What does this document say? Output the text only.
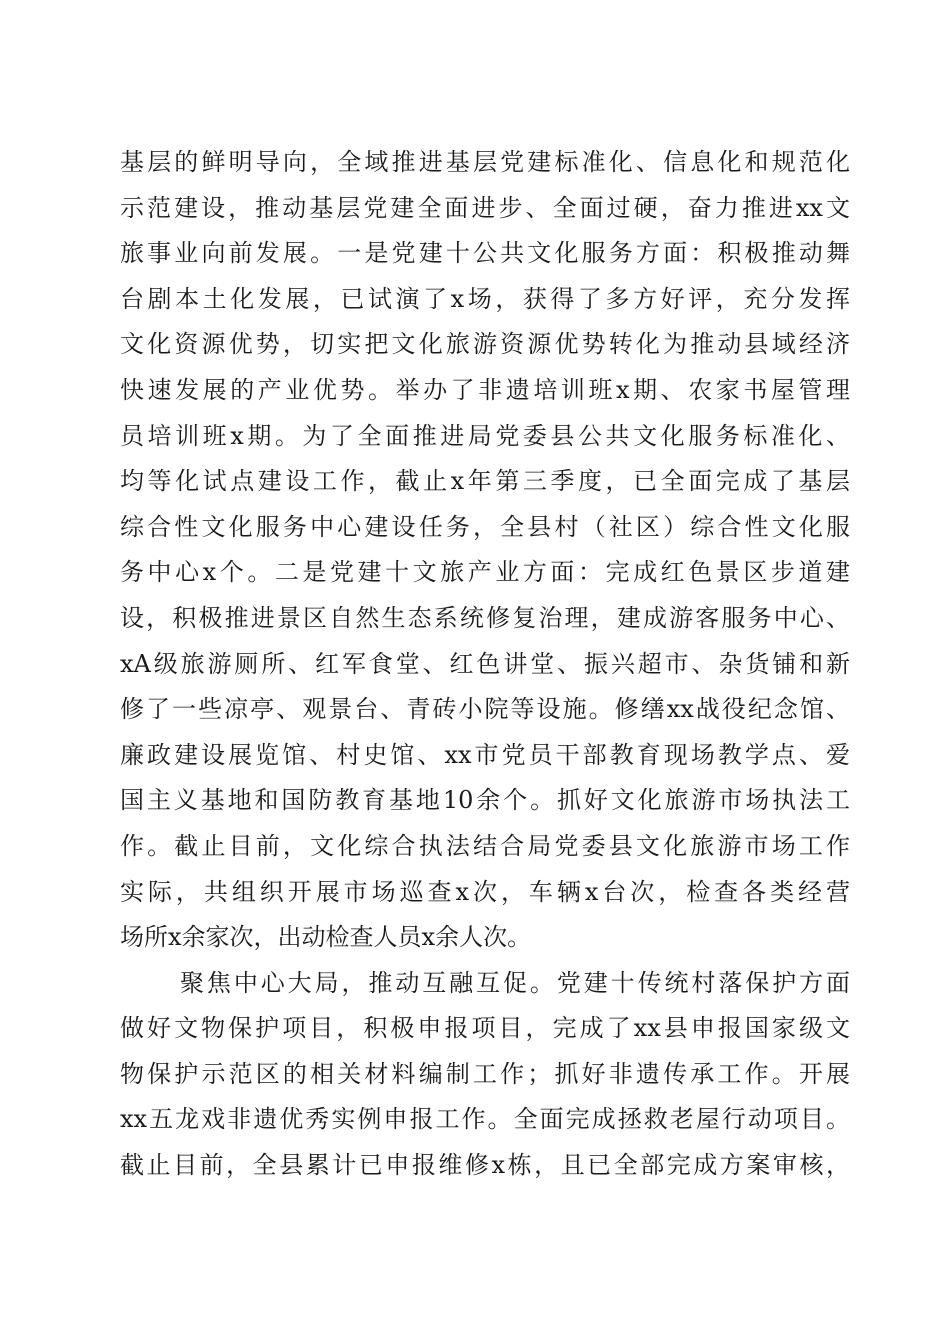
基层的鲜明导向，全域推进基层党建标准化、信息化和规范化
示范建设，推动基层党建全面进步、全面过硬，奋力推进xx文
旅事业向前发展。一是党建十公共文化服务方面：积极推动舞
台剧本土化发展，已试演了x场，获得了多方好评，充分发挥
文化资源优势，切实把文化旅游资源优势转化为推动县域经济
快速发展的产业优势。举办了非遗培训班x期、农家书屋管理
员培训班x期。为了全面推进局党委县公共文化服务标准化、
均等化试点建设工作，截止x年第三季度，已全面完成了基层
综合性文化服务中心建设任务，全县村（社区）综合性文化服
务中心x个。二是党建十文旅产业方面：完成红色景区步道建
设，积极推进景区自然生态系统修复治理，建成游客服务中心、
xA级旅游厕所、红军食堂、红色讲堂、振兴超市、杂货铺和新
修了一些凉亭、观景台、青砖小院等设施。修缮xx战役纪念馆、
廉政建设展览馆、村史馆、xx市党员干部教育现场教学点、爱
国主义基地和国防教育基地10余个。抓好文化旅游市场执法工
作。截止目前，文化综合执法结合局党委县文化旅游市场工作
实际，共组织开展市场巡查x次，车辆x台次，检查各类经营
场所x余家次，出动检查人员x余人次。
聚焦中心大局，推动互融互促。党建十传统村落保护方面
做好文物保护项目，积极申报项目，完成了xx县申报国家级文
物保护示范区的相关材料编制工作；抓好非遗传承工作。开展
xx五龙戏非遗优秀实例申报工作。全面完成拯救老屋行动项目。
截止目前，全县累计已申报维修x栋，且已全部完成方案审核，
